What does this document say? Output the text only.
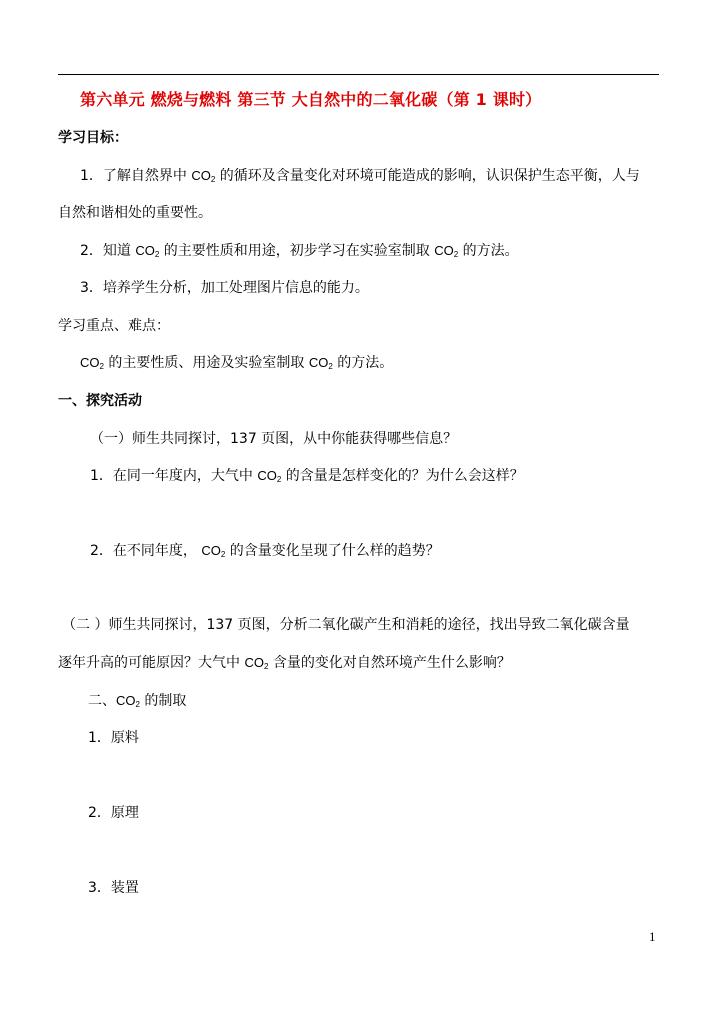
第六单元 燃烧与燃料 第三节 大自然中的二氧化碳（第 1 课时）
学习目标：
1．了解自然界中 $CO_2$ 的循环及含量变化对环境可能造成的影响，认识保护生态平衡，人与
自然和谐相处的重要性。
2．知道 $CO_2$ 的主要性质和用途，初步学习在实验室制取 $CO_2$ 的方法。
3．培养学生分析，加工处理图片信息的能力。
学习重点、难点：
$CO_2$ 的主要性质、用途及实验室制取 $CO_2$ 的方法。
一、探究活动
（一）师生共同探讨，137 页图，从中你能获得哪些信息？
1．在同一年度内，大气中 $CO_2$ 的含量是怎样变化的？为什么会这样？
2．在不同年度， $CO_2$ 的含量变化呈现了什么样的趋势？
（二 ）师生共同探讨，137 页图，分析二氧化碳产生和消耗的途径，找出导致二氧化碳含量
逐年升高的可能原因？大气中 $CO_2$ 含量的变化对自然环境产生什么影响？
二、$CO_2$ 的制取
1．原料
2．原理
3．装置
1
